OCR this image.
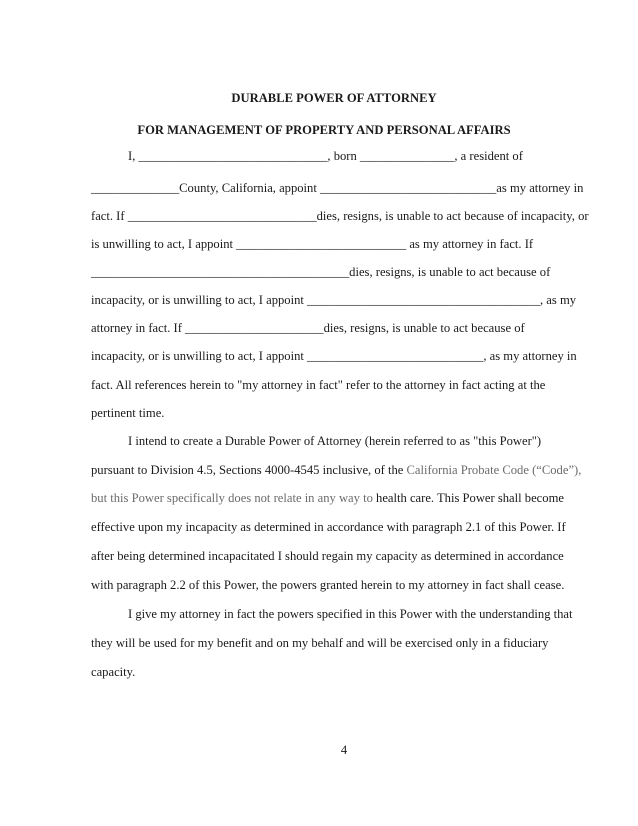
DURABLE POWER OF ATTORNEY
FOR MANAGEMENT OF PROPERTY AND PERSONAL AFFAIRS
I, ______________________________, born _______________, a resident of
______________County, California, appoint ____________________________as my attorney in
fact. If ______________________________dies, resigns, is unable to act because of incapacity, or
is unwilling to act, I appoint ___________________________ as my attorney in fact. If
_________________________________________dies, resigns, is unable to act because of
incapacity, or is unwilling to act, I appoint _____________________________________, as my
attorney in fact. If ______________________dies, resigns, is unable to act because of
incapacity, or is unwilling to act, I appoint ____________________________, as my attorney in
fact. All references herein to "my attorney in fact" refer to the attorney in fact acting at the
pertinent time.
I intend to create a Durable Power of Attorney (herein referred to as "this Power")
pursuant to Division 4.5, Sections 4000-4545 inclusive, of the California Probate Code (“Code”),
but this Power specifically does not relate in any way to health care. This Power shall become
effective upon my incapacity as determined in accordance with paragraph 2.1 of this Power. If
after being determined incapacitated I should regain my capacity as determined in accordance
with paragraph 2.2 of this Power, the powers granted herein to my attorney in fact shall cease.
I give my attorney in fact the powers specified in this Power with the understanding that
they will be used for my benefit and on my behalf and will be exercised only in a fiduciary
capacity.
4
